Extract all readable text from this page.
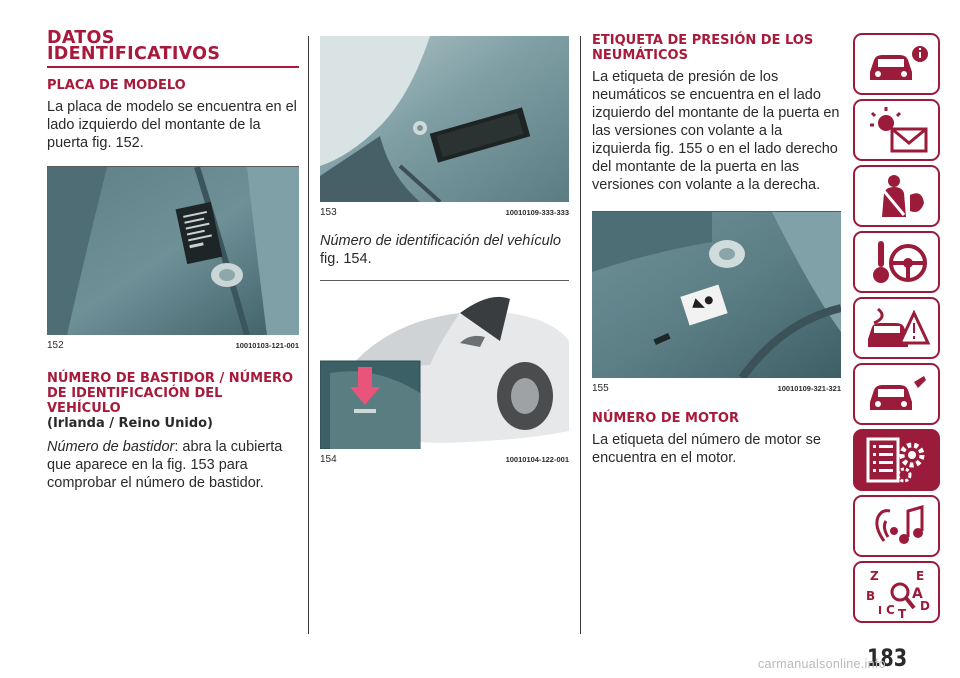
DATOS
IDENTIFICATIVOS
PLACA DE MODELO

La placa de modelo se encuentra en el lado izquierdo del montante de la puerta fig. 152.

152	10010103-121-001
NÚMERO DE BASTIDOR / NÚMERO
DE IDENTIFICACIÓN DEL
VEHÍCULO
(Irlanda / Reino Unido)

Número de bastidor: abra la cubierta que aparece en la fig. 153 para comprobar el número de bastidor.

153	10010109-333-333

Número de identificación del vehículo
fig. 154.

154	10010104-122-001
ETIQUETA DE PRESIÓN DE LOS
NEUMÁTICOS

La etiqueta de presión de los neumáticos se encuentra en el lado izquierdo del montante de la puerta en las versiones con volante a la izquierda fig. 155 o en el lado derecho del montante de la puerta en las versiones con volante a la derecha.

155	10010109-321-321
NÚMERO DE MOTOR

La etiqueta del número de motor se encuentra en el motor.

Z	E
B	A
C D
T
I
183
carmanualsonline.info
